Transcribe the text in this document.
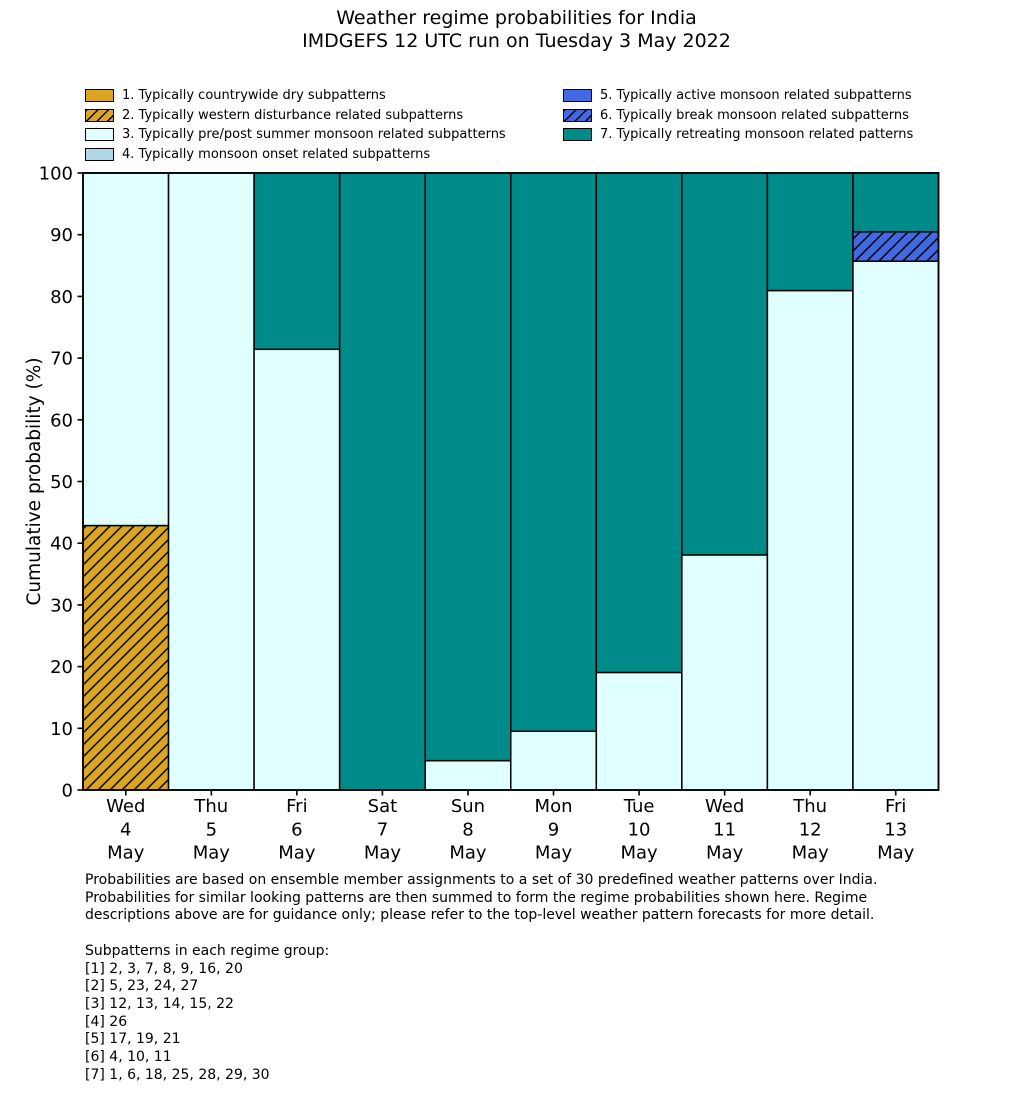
Weather regime probabilities for India
IMDGEFS 12 UTC run on Tuesday 3 May 2022
1. Typically countrywide dry subpatterns
2. Typically western disturbance related subpatterns
3. Typically pre/post summer monsoon related subpatterns
4. Typically monsoon onset related subpatterns
5. Typically active monsoon related subpatterns
6. Typically break monsoon related subpatterns
7. Typically retreating monsoon related patterns
0
10
20
30
40
50
60
70
80
90
100
Wed
4
May
Thu
5
May
Fri
6
May
Sat
7
May
Sun
8
May
Mon
9
May
Tue
10
May
Wed
11
May
Thu
12
May
Fri
13
May
Cumulative probability (%)
Probabilities are based on ensemble member assignments to a set of 30 predefined weather patterns over India.
Probabilities for similar looking patterns are then summed to form the regime probabilities shown here. Regime
descriptions above are for guidance only; please refer to the top-level weather pattern forecasts for more detail.
Subpatterns in each regime group:
[1] 2, 3, 7, 8, 9, 16, 20
[2] 5, 23, 24, 27
[3] 12, 13, 14, 15, 22
[4] 26
[5] 17, 19, 21
[6] 4, 10, 11
[7] 1, 6, 18, 25, 28, 29, 30
